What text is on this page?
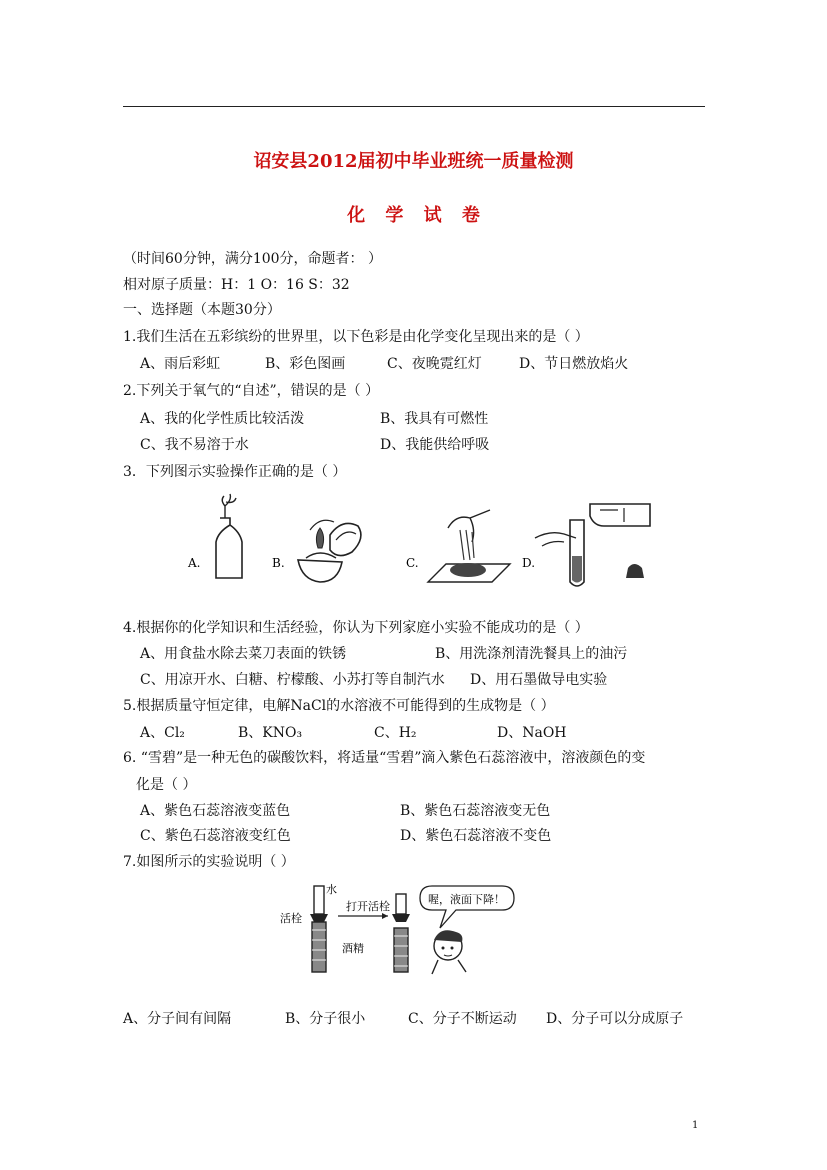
诏安县2012届初中毕业班统一质量检测
化 学 试 卷
（时间60分钟，满分100分，命题者： ）
相对原子质量：H：1 O：16 S：32
一、选择题（本题30分）
1.我们生活在五彩缤纷的世界里，以下色彩是由化学变化呈现出来的是（ ）
A、雨后彩虹	B、彩色图画	C、夜晚霓红灯	D、节日燃放焰火
2.下列关于氧气的“自述”，错误的是（ ）
A、我的化学性质比较活泼	B、我具有可燃性
C、我不易溶于水	D、我能供给呼吸
3．下列图示实验操作正确的是（ ）
A.	B.	C.	D.
4.根据你的化学知识和生活经验，你认为下列家庭小实验不能成功的是（ ）
A、用食盐水除去菜刀表面的铁锈	B、用洗涤剂清洗餐具上的油污
C、用凉开水、白糖、柠檬酸、小苏打等自制汽水 D、用石墨做导电实验
5.根据质量守恒定律，电解NaCl的水溶液不可能得到的生成物是（ ）
A、Cl₂	B、KNO₃	C、H₂	D、NaOH
6. “雪碧”是一种无色的碳酸饮料，将适量“雪碧”滴入紫色石蕊溶液中，溶液颜色的变
化是（ ）
A、紫色石蕊溶液变蓝色	B、紫色石蕊溶液变无色
C、紫色石蕊溶液变红色	D、紫色石蕊溶液不变色
7.如图所示的实验说明（ ）
水
活栓
打开活栓
酒精
喔，液面下降！
A、分子间有间隔	B、分子很小	C、分子不断运动 D、分子可以分成原子
1
